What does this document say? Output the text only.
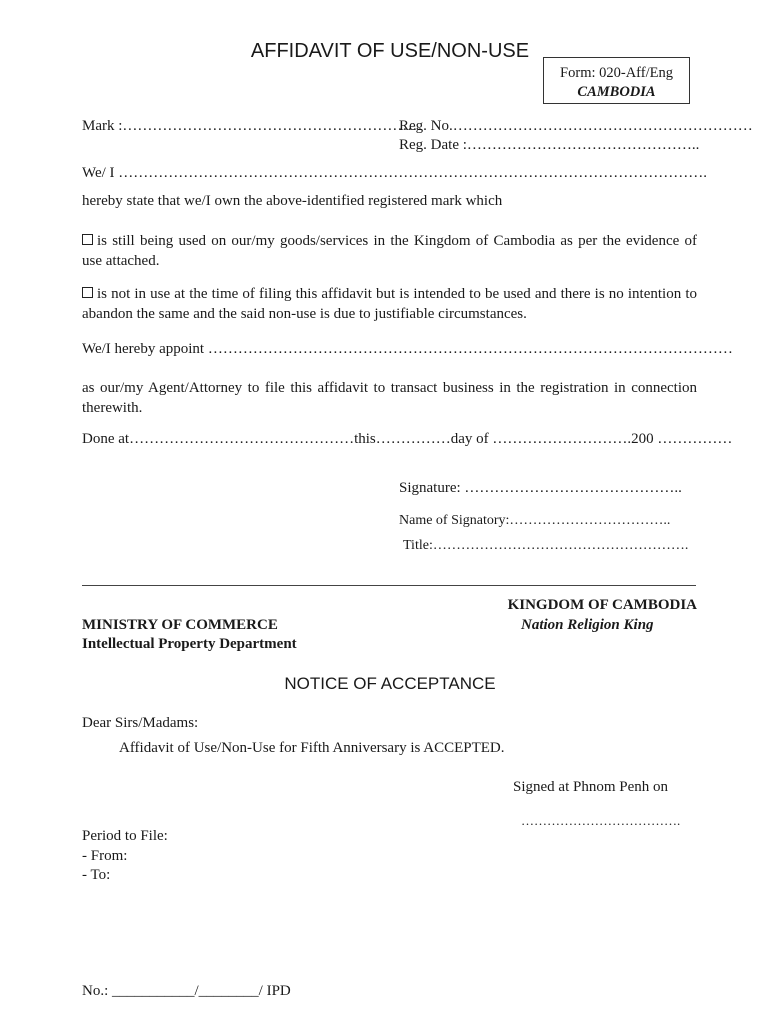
AFFIDAVIT OF USE/NON-USE
Form: 020-Aff/Eng
CAMBODIA
Mark :……………………………………………………
Reg. No.……………………………………………………
Reg. Date :………………………………………..
We/ I ……………………………………………………………………………………………………….
hereby state that we/I own the above-identified registered mark which
is still being used on our/my goods/services in the Kingdom of Cambodia as per the evidence of use attached.
is not in use at the time of filing this affidavit but is intended to be used and there is no intention to abandon the same and the said non-use is due to justifiable circumstances.
We/I hereby appoint ……………………………………………………………………………………………
as our/my Agent/Attorney to file this affidavit to transact business in the registration in connection therewith.
Done at………………………………………this……………day of ……………………….200 ……………
Signature: ……………………………………..
Name of Signatory:……………………………..
Title:……………………………………………….
KINGDOM OF CAMBODIA
Nation Religion King
MINISTRY OF COMMERCE
Intellectual Property Department
NOTICE OF ACCEPTANCE
Dear Sirs/Madams:
Affidavit of Use/Non-Use for Fifth Anniversary is ACCEPTED.
Signed at Phnom Penh on
……………………………….
Period to File:
- From:
- To:
No.: ___________/________/ IPD
